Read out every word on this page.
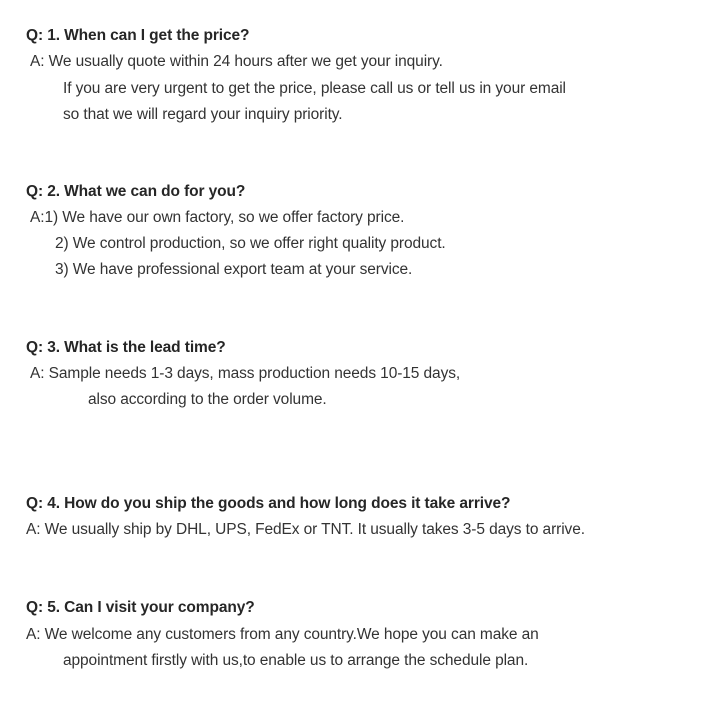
Q: 1. When can I get the price?
A: We usually quote within 24 hours after we get your inquiry.
If you are very urgent to get the price, please call us or tell us in your email
so that we will regard your inquiry priority.
Q: 2. What we can do for you?
A:1) We have our own factory, so we offer factory price.
2) We control production, so we offer right quality product.
3) We have professional export team at your service.
Q: 3. What is the lead time?
A: Sample needs 1-3 days, mass production needs 10-15 days,
also according to the order volume.
Q: 4. How do you ship the goods and how long does it take arrive?
A: We usually ship by DHL, UPS, FedEx or TNT. It usually takes 3-5 days to arrive.
Q: 5. Can I visit your company?
A: We welcome any customers from any country.We hope you can make an
appointment firstly with us,to enable us to arrange the schedule plan.
